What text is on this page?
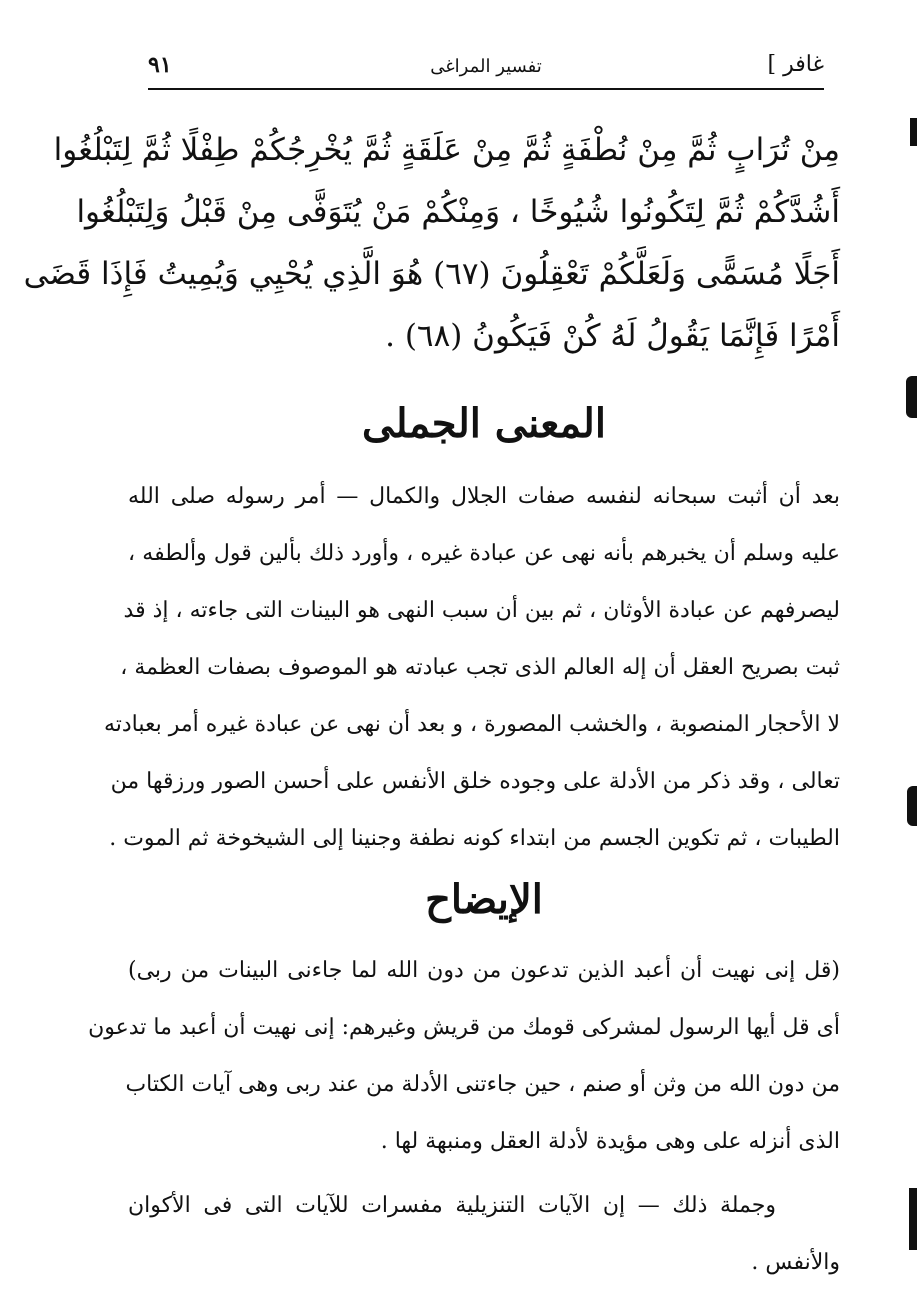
غافر ]
تفسير المراغى
٩١
مِنْ تُرَابٍ ثُمَّ مِنْ نُطْفَةٍ ثُمَّ مِنْ عَلَقَةٍ ثُمَّ يُخْرِجُكُمْ طِفْلًا ثُمَّ لِتَبْلُغُوا
أَشُدَّكُمْ ثُمَّ لِتَكُونُوا شُيُوخًا ، وَمِنْكُمْ مَنْ يُتَوَفَّى مِنْ قَبْلُ وَلِتَبْلُغُوا
أَجَلًا مُسَمًّى وَلَعَلَّكُمْ تَعْقِلُونَ (٦٧) هُوَ الَّذِي يُحْيِي وَيُمِيتُ فَإِذَا قَضَى
أَمْرًا فَإِنَّمَا يَقُولُ لَهُ كُنْ فَيَكُونُ (٦٨) .
المعنى الجملى
بعد أن أثبت سبحانه لنفسه صفات الجلال والكمال — أمر رسوله صلى الله
عليه وسلم أن يخبرهم بأنه نهى عن عبادة غيره ، وأورد ذلك بألين قول وألطفه ،
ليصرفهم عن عبادة الأوثان ، ثم بين أن سبب النهى هو البينات التى جاءته ، إذ قد
ثبت بصريح العقل أن إله العالم الذى تجب عبادته هو الموصوف بصفات العظمة ،
لا الأحجار المنصوبة ، والخشب المصورة ، و بعد أن نهى عن عبادة غيره أمر بعبادته
تعالى ، وقد ذكر من الأدلة على وجوده خلق الأنفس على أحسن الصور ورزقها من
الطيبات ، ثم تكوين الجسم من ابتداء كونه نطفة وجنينا إلى الشيخوخة ثم الموت .
الإيضاح
(قل إنى نهيت أن أعبد الذين تدعون من دون الله لما جاءنى البينات من ربى)
أى قل أيها الرسول لمشركى قومك من قريش وغيرهم: إنى نهيت أن أعبد ما تدعون
من دون الله من وثن أو صنم ، حين جاءتنى الأدلة من عند ربى وهى آيات الكتاب
الذى أنزله على وهى مؤيدة لأدلة العقل ومنبهة لها .
وجملة ذلك — إن الآيات التنزيلية مفسرات للآيات التى فى الأكوان
والأنفس .
